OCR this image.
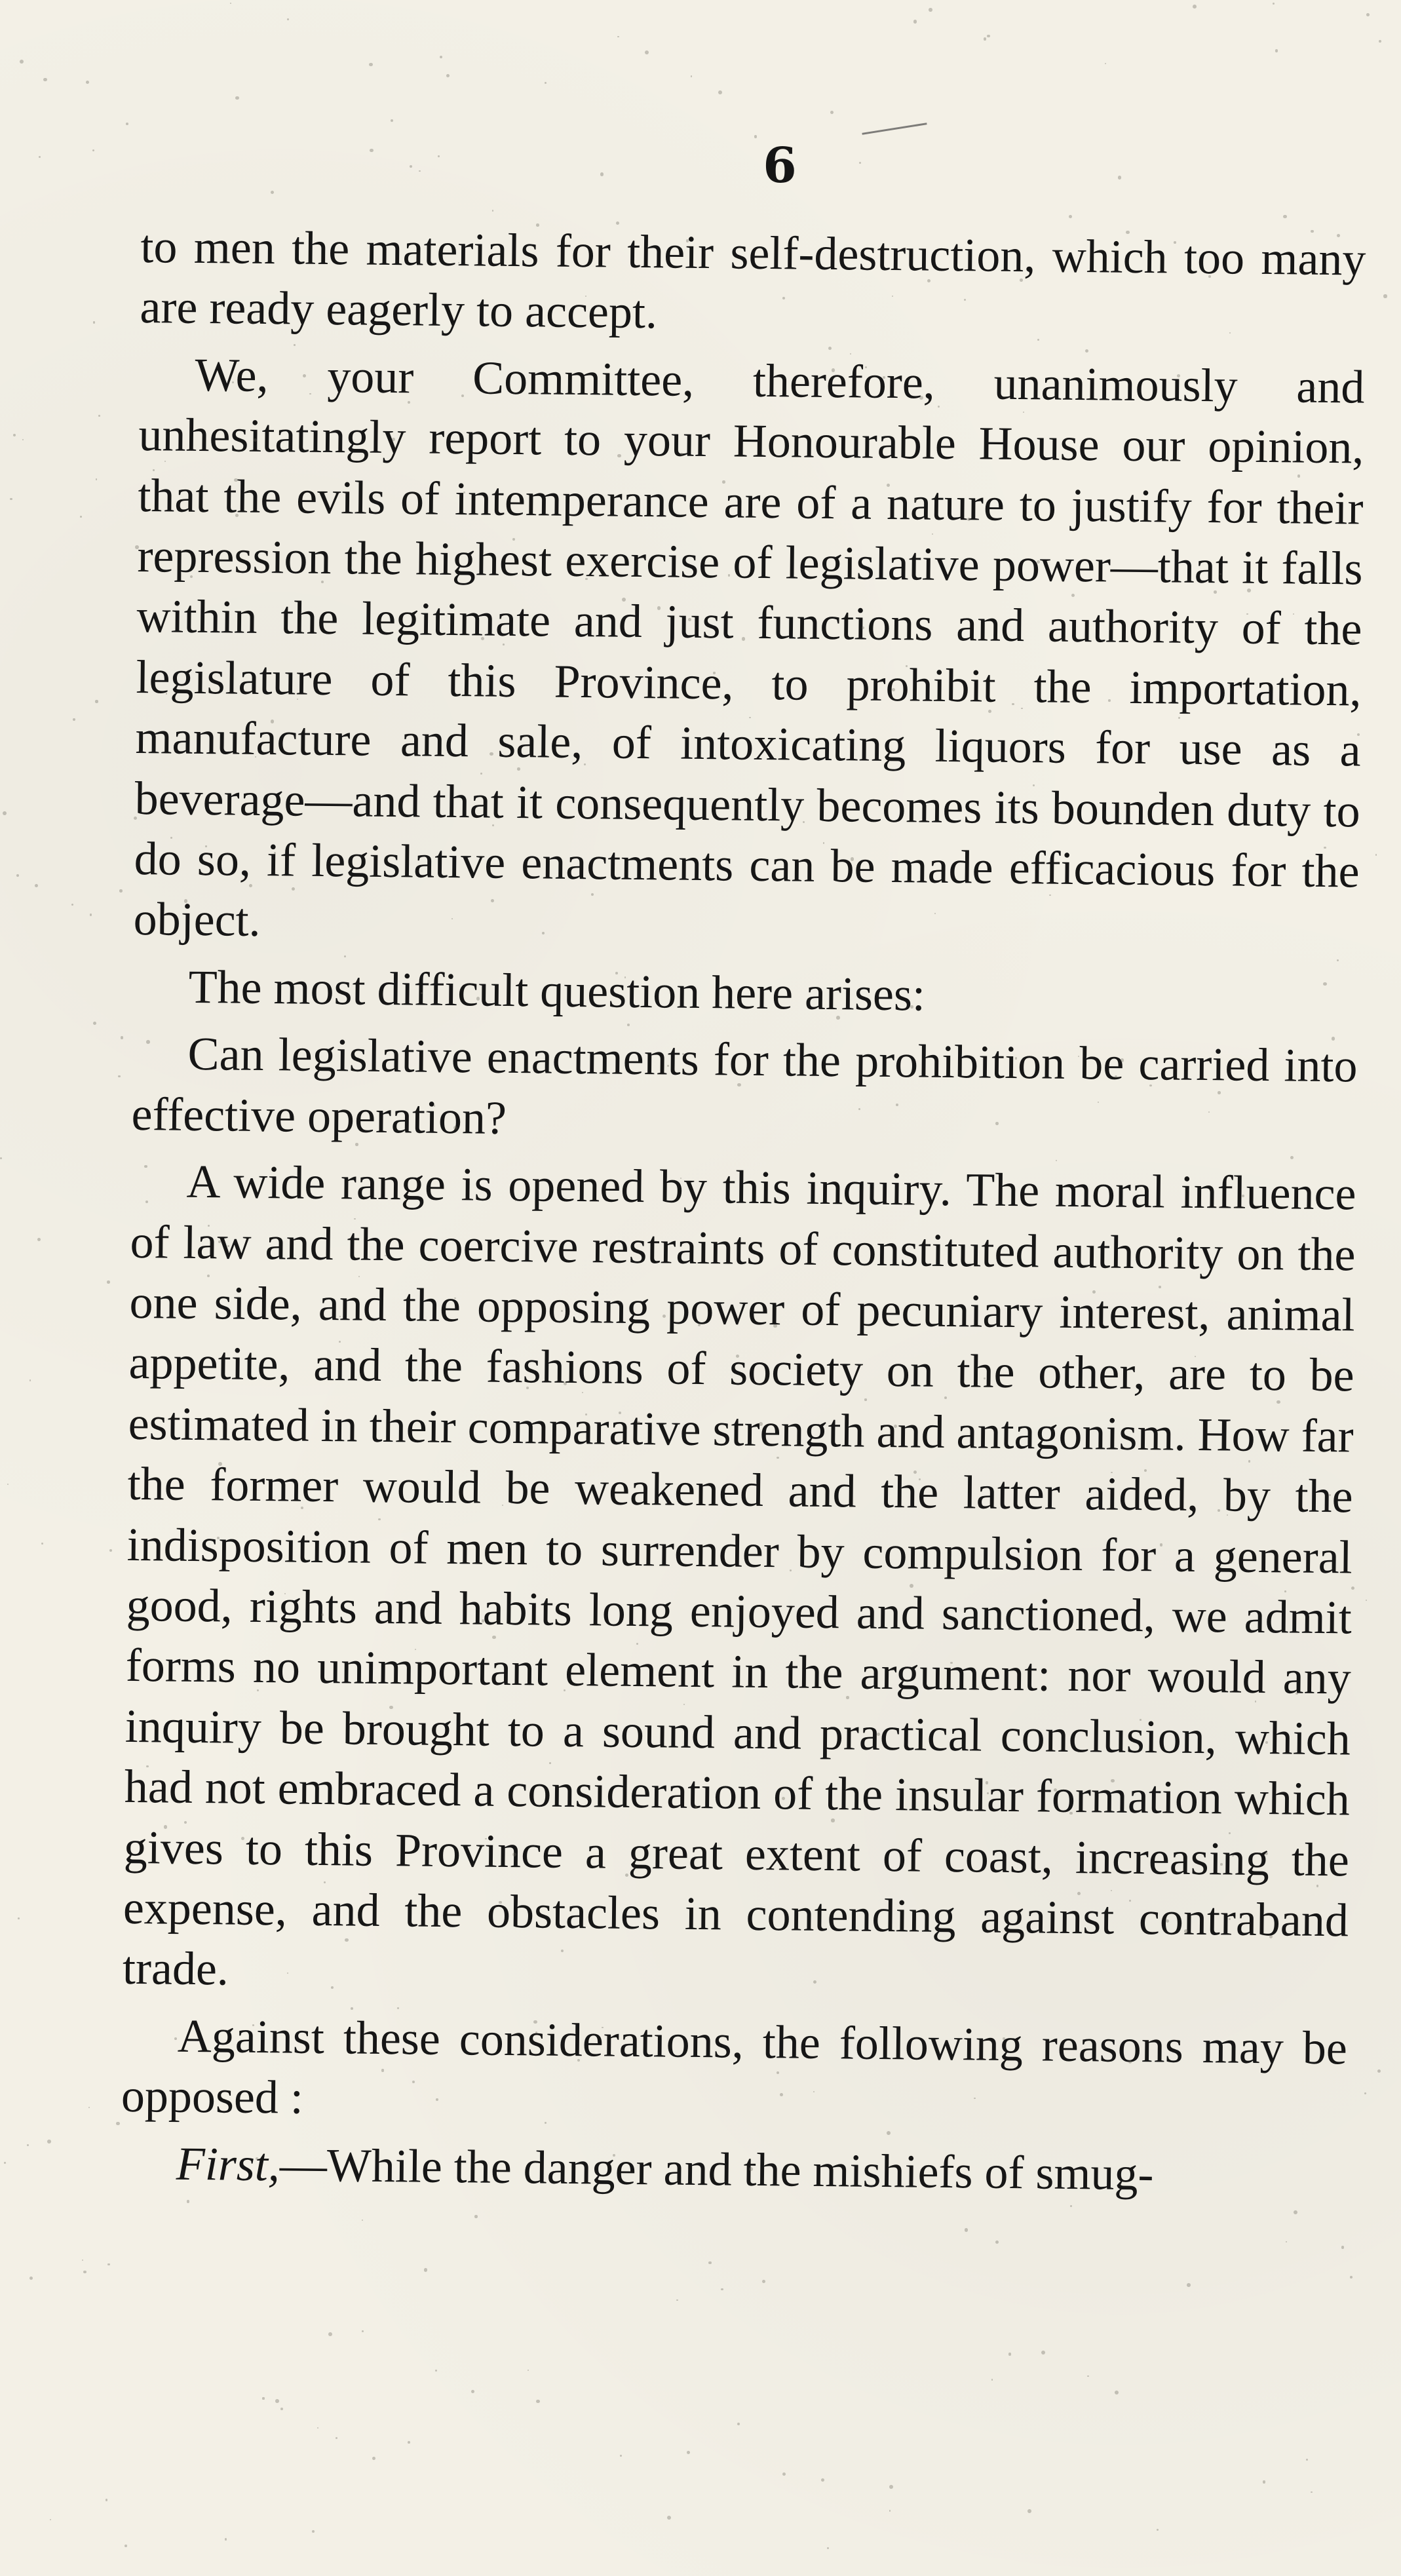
6

to men the materials for their self-destruction, which too many are ready eagerly to accept.

We, your Committee, therefore, unanimously and unhesitatingly report to your Honourable House our opinion, that the evils of intemperance are of a nature to justify for their repression the highest exercise of legislative power—that it falls within the legitimate and just functions and authority of the legislature of this Province, to prohibit the importation, manufacture and sale, of intoxicating liquors for use as a beverage—and that it consequently becomes its bounden duty to do so, if legislative enactments can be made efficacious for the object.

The most difficult question here arises:

Can legislative enactments for the prohibition be carried into effective operation?

A wide range is opened by this inquiry. The moral influence of law and the coercive restraints of constituted authority on the one side, and the opposing power of pecuniary interest, animal appetite, and the fashions of society on the other, are to be estimated in their comparative strength and antagonism. How far the former would be weakened and the latter aided, by the indisposition of men to surrender by compulsion for a general good, rights and habits long enjoyed and sanctioned, we admit forms no unimportant element in the argument: nor would any inquiry be brought to a sound and practical conclusion, which had not embraced a consideration of the insular formation which gives to this Province a great extent of coast, increasing the expense, and the obstacles in contending against contraband trade.

Against these considerations, the following reasons may be opposed :

First,—While the danger and the mishiefs of smug-
